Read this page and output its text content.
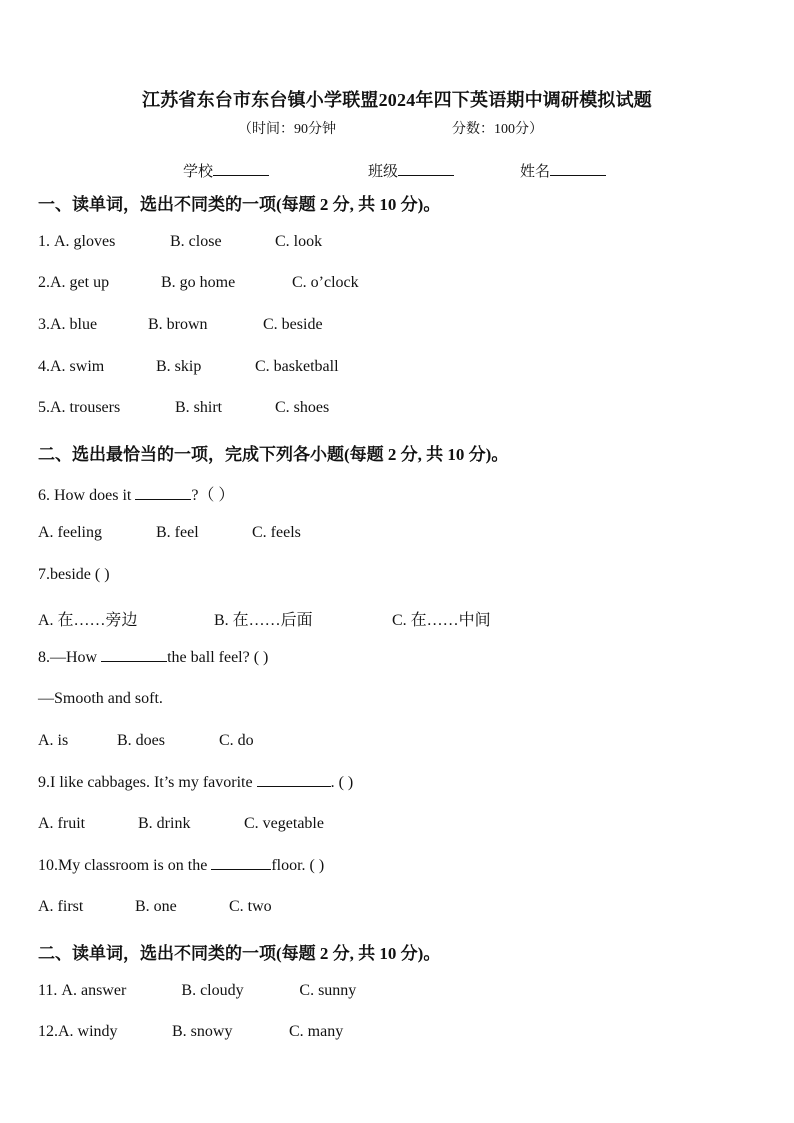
江苏省东台市东台镇小学联盟2024年四下英语期中调研模拟试题
（时间：90分钟	分数：100分）
学校	班级	姓名
一、读单词，选出不同类的一项(每题 2 分, 共 10 分)。
1. A. gloves	B. close	C. look
2.A. get up	B. go home	C. o’clock
3.A. blue	B. brown	C. beside
4.A. swim	B. skip	C. basketball
5.A. trousers	B. shirt	C. shoes
二、选出最恰当的一项，完成下列各小题(每题 2 分, 共 10 分)。
6. How does it	?（ ）
A. feeling	B. feel	C. feels
7.beside ( )
A. 在……旁边	B. 在……后面	C. 在……中间
8.—How	the ball feel? ( )
—Smooth and soft.
A. is	B. does	C. do
9.I like cabbages. It’s my favorite	. ( )
A. fruit	B. drink	C. vegetable
10.My classroom is on the	floor. ( )
A. first	B. one	C. two
二、读单词，选出不同类的一项(每题 2 分, 共 10 分)。
11. A. answer	B. cloudy	C. sunny
12.A. windy	B. snowy	C. many
